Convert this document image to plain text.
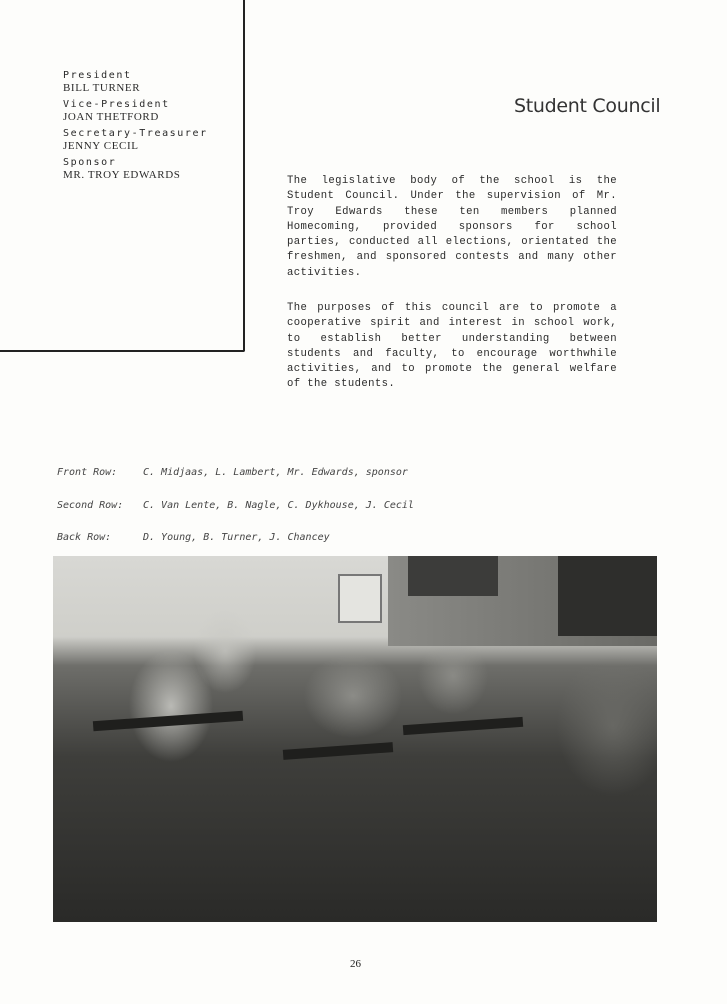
President
BILL TURNER
Vice-President
JOAN THETFORD
Secretary-Treasurer
JENNY CECIL
Sponsor
MR. TROY EDWARDS
Student Council
The legislative body of the school is the Student Council. Under the supervision of Mr. Troy Edwards these ten members planned Homecoming, provided sponsors for school parties, conducted all elections, orientated the freshmen, and sponsored contests and many other activities.
The purposes of this council are to promote a cooperative spirit and interest in school work, to establish better understanding between students and faculty, to encourage worthwhile activities, and to promote the general welfare of the students.
Front Row:	C. Midjaas, L. Lambert, Mr. Edwards, sponsor
Second Row:	C. Van Lente, B. Nagle, C. Dykhouse, J. Cecil
Back Row:	D. Young, B. Turner, J. Chancey
26
